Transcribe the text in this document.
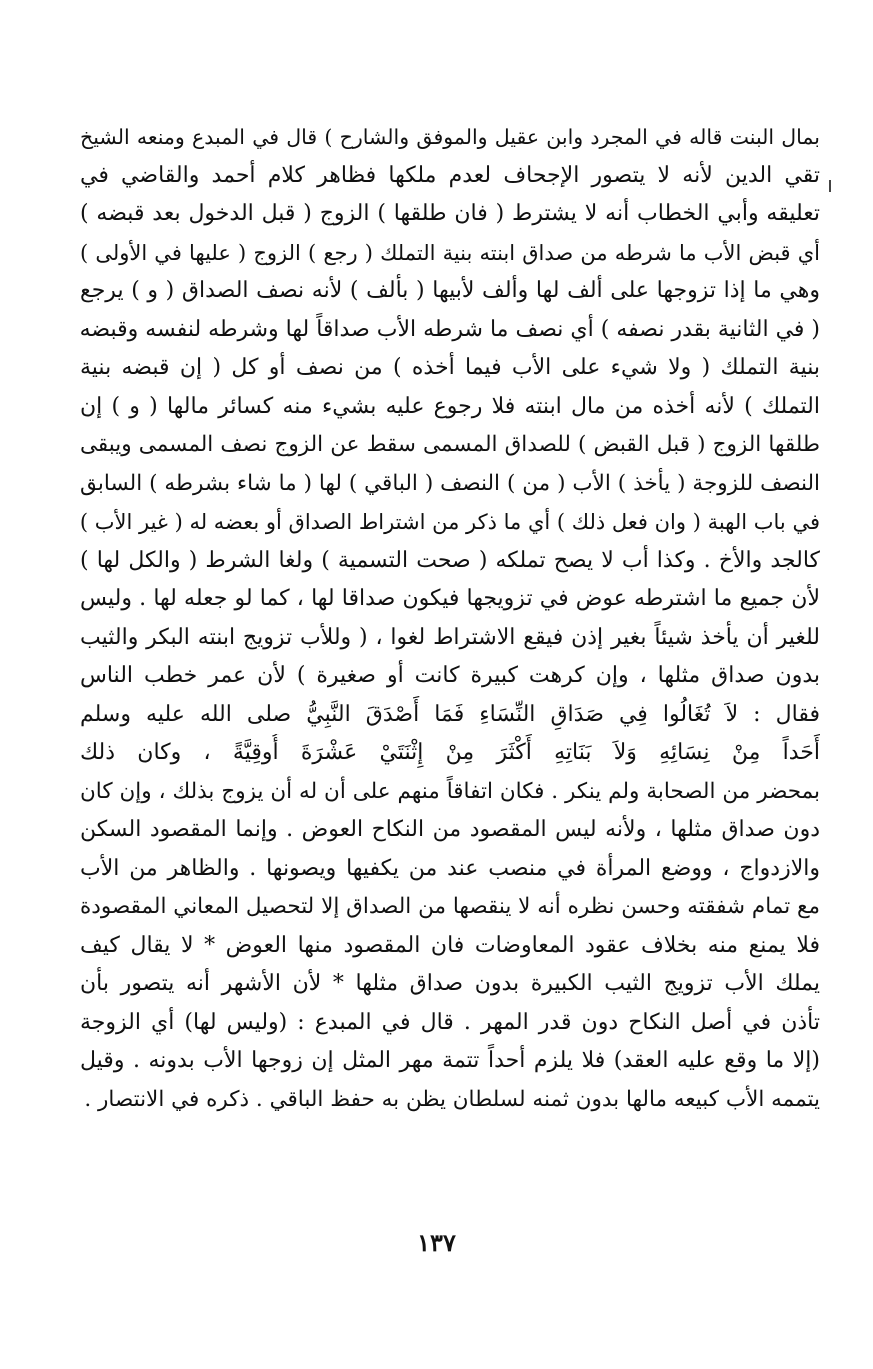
بمال البنت قاله في المجرد وابن عقيل والموفق والشارح ) قال في المبدع ومنعه الشيخ
تقي الدين لأنه لا يتصور الإجحاف لعدم ملكها فظاهر كلام أحمد والقاضي في
تعليقه وأبي الخطاب أنه لا يشترط ( فان طلقها ) الزوج ( قبل الدخول بعد قبضه )
أي قبض الأب ما شرطه من صداق ابنته بنية التملك ( رجع ) الزوج ( عليها في الأولى )
وهي ما إذا تزوجها على ألف لها وألف لأبيها ( بألف ) لأنه نصف الصداق ( و ) يرجع
( في الثانية بقدر نصفه ) أي نصف ما شرطه الأب صداقاً لها وشرطه لنفسه وقبضه
بنية التملك ( ولا شيء على الأب فيما أخذه ) من نصف أو كل ( إن قبضه بنية
التملك ) لأنه أخذه من مال ابنته فلا رجوع عليه بشيء منه كسائر مالها ( و ) إن
طلقها الزوج ( قبل القبض ) للصداق المسمى سقط عن الزوج نصف المسمى ويبقى
النصف للزوجة ( يأخذ ) الأب ( من ) النصف ( الباقي ) لها ( ما شاء بشرطه ) السابق
في باب الهبة ( وان فعل ذلك ) أي ما ذكر من اشتراط الصداق أو بعضه له ( غير الأب )
كالجد والأخ . وكذا أب لا يصح تملكه ( صحت التسمية ) ولغا الشرط ( والكل لها )
لأن جميع ما اشترطه عوض في تزويجها فيكون صداقا لها ، كما لو جعله لها . وليس
للغير أن يأخذ شيئاً بغير إذن فيقع الاشتراط لغوا ، ( وللأب تزويج ابنته البكر والثيب
بدون صداق مثلها ، وإن كرهت كبيرة كانت أو صغيرة ) لأن عمر خطب الناس
فقال : لاَ تُغَالُوا فِي صَدَاقِ النِّسَاءِ فَمَا أَصْدَقَ النَّبِيُّ صلى الله عليه وسلم
أَحَداً مِنْ نِسَائِهِ وَلاَ بَنَاتِهِ أَكْثَرَ مِنْ إِثْنَتَيْ عَشْرَةَ أُوقِيَّةً ، وكان ذلك
بمحضر من الصحابة ولم ينكر . فكان اتفاقاً منهم على أن له أن يزوج بذلك ، وإن كان
دون صداق مثلها ، ولأنه ليس المقصود من النكاح العوض . وإنما المقصود السكن
والازدواج ، ووضع المرأة في منصب عند من يكفيها ويصونها . والظاهر من الأب
مع تمام شفقته وحسن نظره أنه لا ينقصها من الصداق إلا لتحصيل المعاني المقصودة
فلا يمنع منه بخلاف عقود المعاوضات فان المقصود منها العوض * لا يقال كيف
يملك الأب تزويج الثيب الكبيرة بدون صداق مثلها * لأن الأشهر أنه يتصور بأن
تأذن في أصل النكاح دون قدر المهر . قال في المبدع : (وليس لها) أي الزوجة
(إلا ما وقع عليه العقد) فلا يلزم أحداً تتمة مهر المثل إن زوجها الأب بدونه . وقيل
يتممه الأب كبيعه مالها بدون ثمنه لسلطان يظن به حفظ الباقي . ذكره في الانتصار .
١٣٧
